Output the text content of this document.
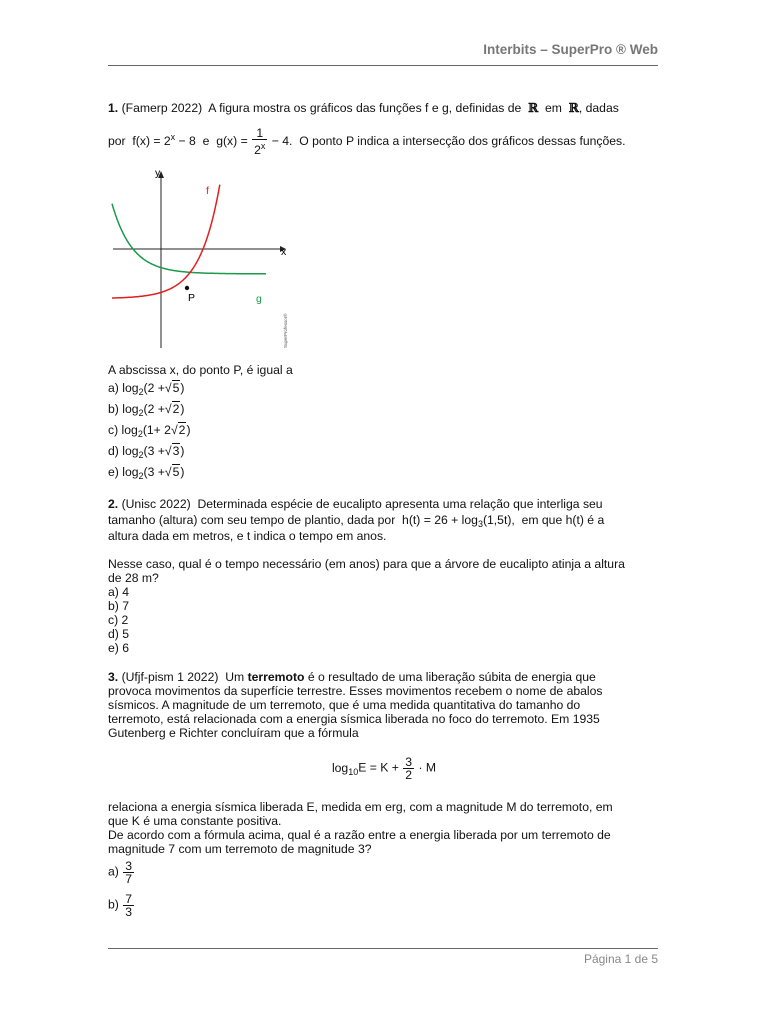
Interbits – SuperPro ® Web
1. (Famerp 2022) A figura mostra os gráficos das funções f e g, definidas de ℝ em ℝ, dadas
por $f(x) = 2^x - 8$ e $g(x) = \frac{1}{2^x} - 4$. O ponto P indica a intersecção dos gráficos dessas funções.
y
x
f
g
P
SuperProfessor®
A abscissa x, do ponto P, é igual a
a) $\log_2(2 +√5)$
b) $\log_2(2 +√2)$
c) $\log_2(1+ 2√2)$
d) $\log_2(3 +√3)$
e) $\log_2(3 +√5)$
2. (Unisc 2022) Determinada espécie de eucalipto apresenta uma relação que interliga seu
tamanho (altura) com seu tempo de plantio, dada por $h(t) = 26 + \log_3(1,5t)$, em que h(t) é a
altura dada em metros, e t indica o tempo em anos.
Nesse caso, qual é o tempo necessário (em anos) para que a árvore de eucalipto atinja a altura
de 28 m?
a) 4
b) 7
c) 2
d) 5
e) 6
3. (Ufjf-pism 1 2022) Um terremoto é o resultado de uma liberação súbita de energia que
provoca movimentos da superfície terrestre. Esses movimentos recebem o nome de abalos
sísmicos. A magnitude de um terremoto, que é uma medida quantitativa do tamanho do
terremoto, está relacionada com a energia sísmica liberada no foco do terremoto. Em 1935
Gutenberg e Richter concluíram que a fórmula
$\log_{10}E = K + \frac{3}{2} \cdot M$
relaciona a energia sísmica liberada E, medida em erg, com a magnitude M do terremoto, em
que K é uma constante positiva.
De acordo com a fórmula acima, qual é a razão entre a energia liberada por um terremoto de
magnitude 7 com um terremoto de magnitude 3?
$a) \frac{3}{7}$
$b) \frac{7}{3}$
Página 1 de 5
